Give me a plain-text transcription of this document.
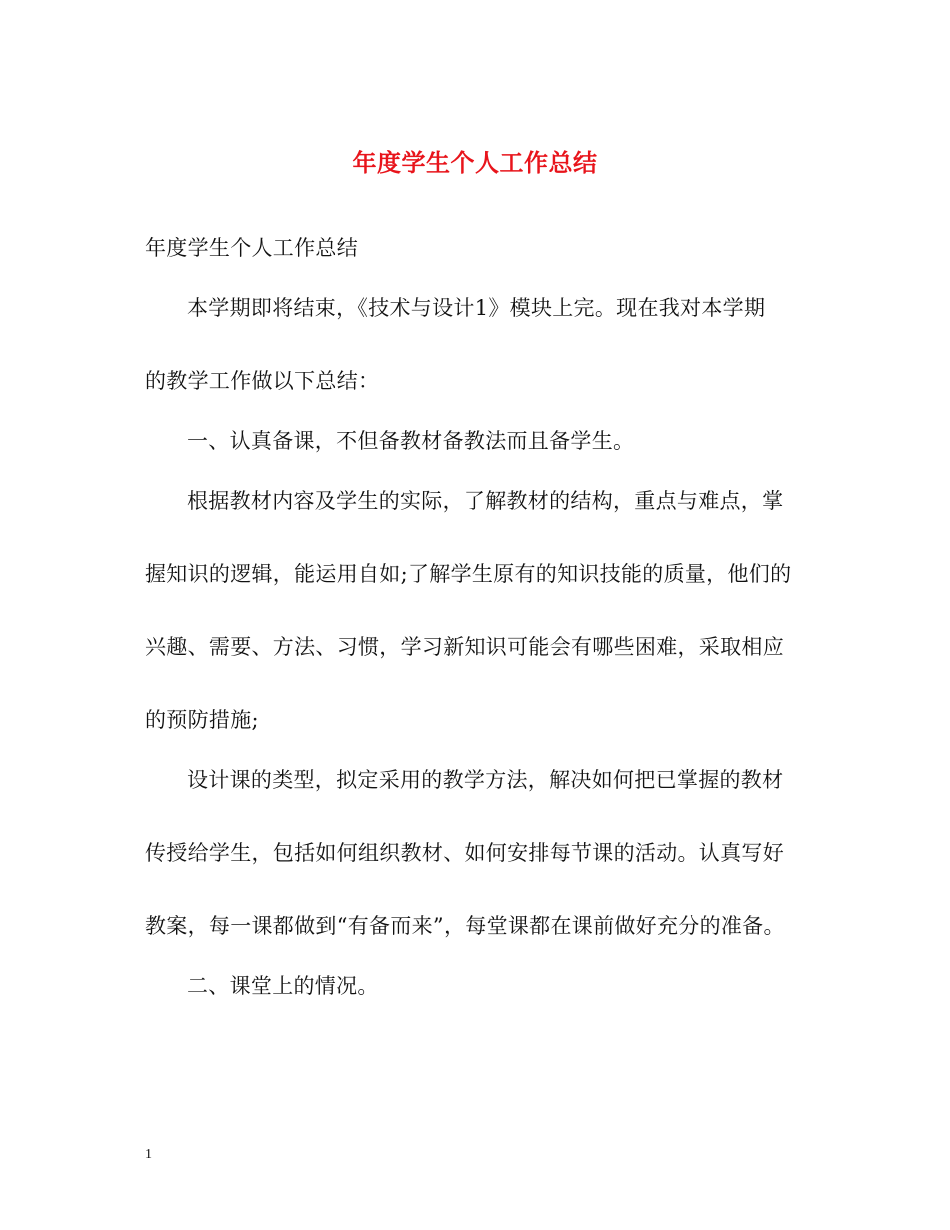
年度学生个人工作总结
年度学生个人工作总结
本学期即将结束，《技术与设计1》模块上完。现在我对本学期
的教学工作做以下总结：
一、认真备课，不但备教材备教法而且备学生。
根据教材内容及学生的实际，了解教材的结构，重点与难点，掌
握知识的逻辑，能运用自如;了解学生原有的知识技能的质量，他们的
兴趣、需要、方法、习惯，学习新知识可能会有哪些困难，采取相应
的预防措施;
设计课的类型，拟定采用的教学方法，解决如何把已掌握的教材
传授给学生，包括如何组织教材、如何安排每节课的活动。认真写好
教案，每一课都做到“有备而来”，每堂课都在课前做好充分的准备。
二、课堂上的情况。
1
